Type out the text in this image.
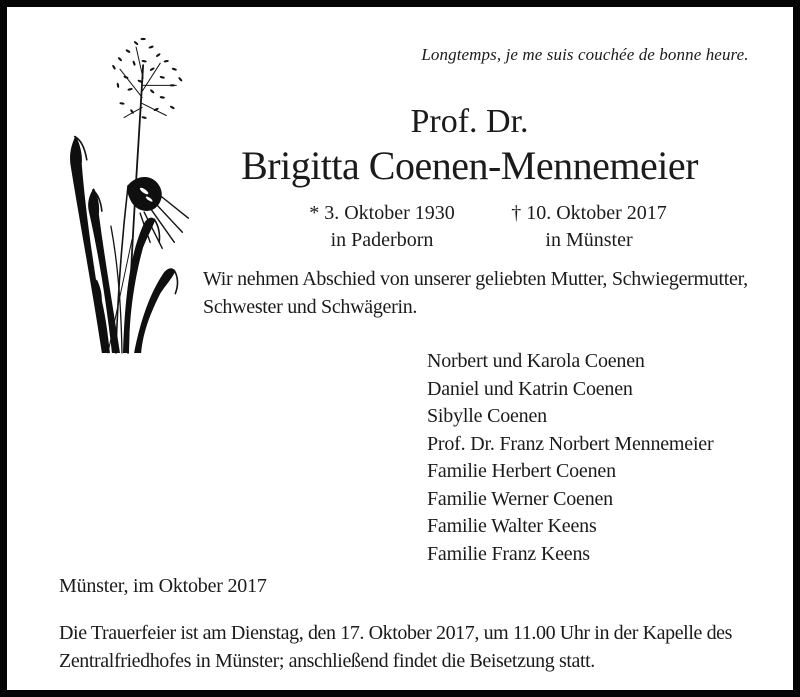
Longtemps, je me suis couchée de bonne heure.
Prof. Dr.
Brigitta Coenen-Mennemeier
* 3. Oktober 1930
in Paderborn
† 10. Oktober 2017
in Münster
Wir nehmen Abschied von unserer geliebten Mutter, Schwiegermutter,
Schwester und Schwägerin.
Norbert und Karola Coenen
Daniel und Katrin Coenen
Sibylle Coenen
Prof. Dr. Franz Norbert Mennemeier
Familie Herbert Coenen
Familie Werner Coenen
Familie Walter Keens
Familie Franz Keens
Münster, im Oktober 2017
Die Trauerfeier ist am Dienstag, den 17. Oktober 2017, um 11.00 Uhr in der Kapelle des
Zentralfriedhofes in Münster; anschließend findet die Beisetzung statt.
